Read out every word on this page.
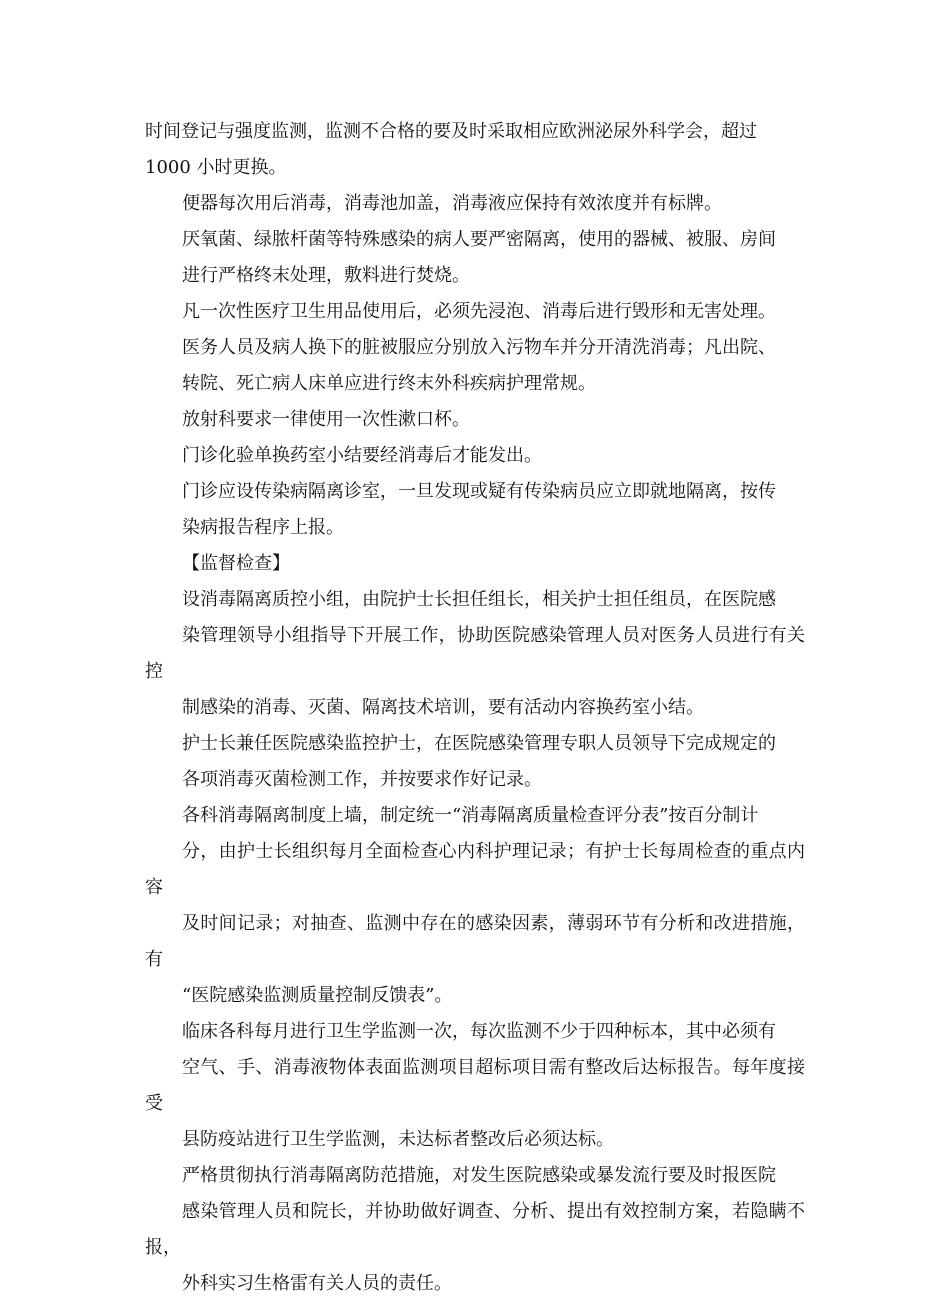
时间登记与强度监测，监测不合格的要及时采取相应欧洲泌尿外科学会，超过
1000 小时更换。
便器每次用后消毒，消毒池加盖，消毒液应保持有效浓度并有标牌。
厌氧菌、绿脓杆菌等特殊感染的病人要严密隔离，使用的器械、被服、房间
进行严格终末处理，敷料进行焚烧。
凡一次性医疗卫生用品使用后，必须先浸泡、消毒后进行毁形和无害处理。
医务人员及病人换下的脏被服应分别放入污物车并分开清洗消毒；凡出院、
转院、死亡病人床单应进行终末外科疾病护理常规。
放射科要求一律使用一次性漱口杯。
门诊化验单换药室小结要经消毒后才能发出。
门诊应设传染病隔离诊室，一旦发现或疑有传染病员应立即就地隔离，按传
染病报告程序上报。
【监督检查】
设消毒隔离质控小组，由院护士长担任组长，相关护士担任组员，在医院感
染管理领导小组指导下开展工作，协助医院感染管理人员对医务人员进行有关控
制感染的消毒、灭菌、隔离技术培训，要有活动内容换药室小结。
护士长兼任医院感染监控护士，在医院感染管理专职人员领导下完成规定的
各项消毒灭菌检测工作，并按要求作好记录。
各科消毒隔离制度上墙，制定统一“消毒隔离质量检查评分表”按百分制计
分，由护士长组织每月全面检查心内科护理记录；有护士长每周检查的重点内容
及时间记录；对抽查、监测中存在的感染因素，薄弱环节有分析和改进措施，有
“医院感染监测质量控制反馈表”。
临床各科每月进行卫生学监测一次，每次监测不少于四种标本，其中必须有
空气、手、消毒液物体表面监测项目超标项目需有整改后达标报告。每年度接受
县防疫站进行卫生学监测，未达标者整改后必须达标。
严格贯彻执行消毒隔离防范措施，对发生医院感染或暴发流行要及时报医院
感染管理人员和院长，并协助做好调查、分析、提出有效控制方案，若隐瞒不报，
外科实习生格雷有关人员的责任。
